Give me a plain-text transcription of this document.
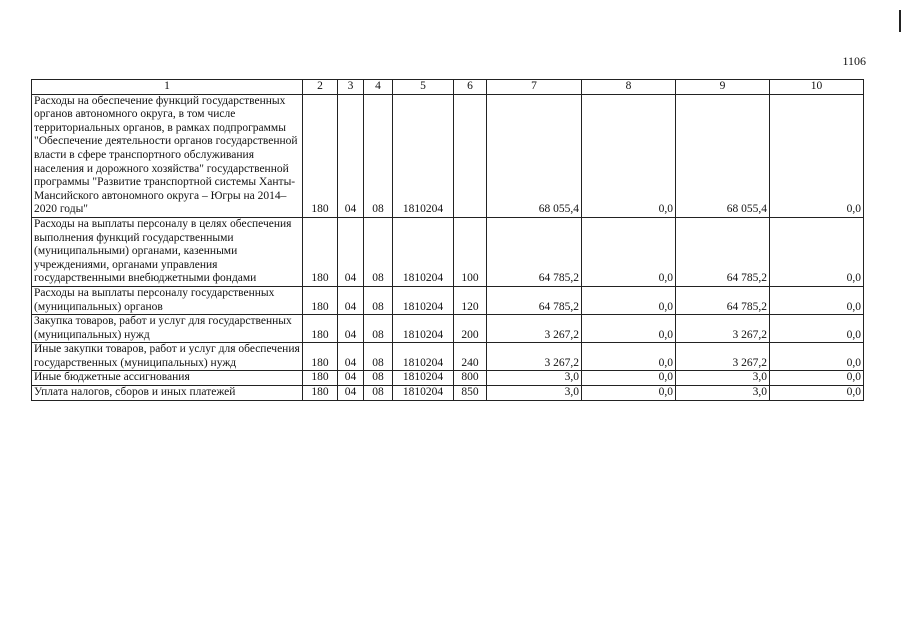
1106
1	2	3	4	5	6	7	8	9	10
Расходы на обеспечение функций государственных органов автономного округа, в том числе территориальных органов, в рамках подпрограммы "Обеспечение деятельности органов государственной власти в сфере транспортного обслуживания населения и дорожного хозяйства" государственной программы "Развитие транспортной системы Ханты-Мансийского автономного округа – Югры на 2014–2020 годы"	180	04	08	1810204		68 055,4	0,0	68 055,4	0,0
Расходы на выплаты персоналу в целях обеспечения выполнения функций государственными (муниципальными) органами, казенными учреждениями, органами управления государственными внебюджетными фондами	180	04	08	1810204	100	64 785,2	0,0	64 785,2	0,0
Расходы на выплаты персоналу государственных (муниципальных) органов	180	04	08	1810204	120	64 785,2	0,0	64 785,2	0,0
Закупка товаров, работ и услуг для государственных (муниципальных) нужд	180	04	08	1810204	200	3 267,2	0,0	3 267,2	0,0
Иные закупки товаров, работ и услуг для обеспечения государственных (муниципальных) нужд	180	04	08	1810204	240	3 267,2	0,0	3 267,2	0,0
Иные бюджетные ассигнования	180	04	08	1810204	800	3,0	0,0	3,0	0,0
Уплата налогов, сборов и иных платежей	180	04	08	1810204	850	3,0	0,0	3,0	0,0
